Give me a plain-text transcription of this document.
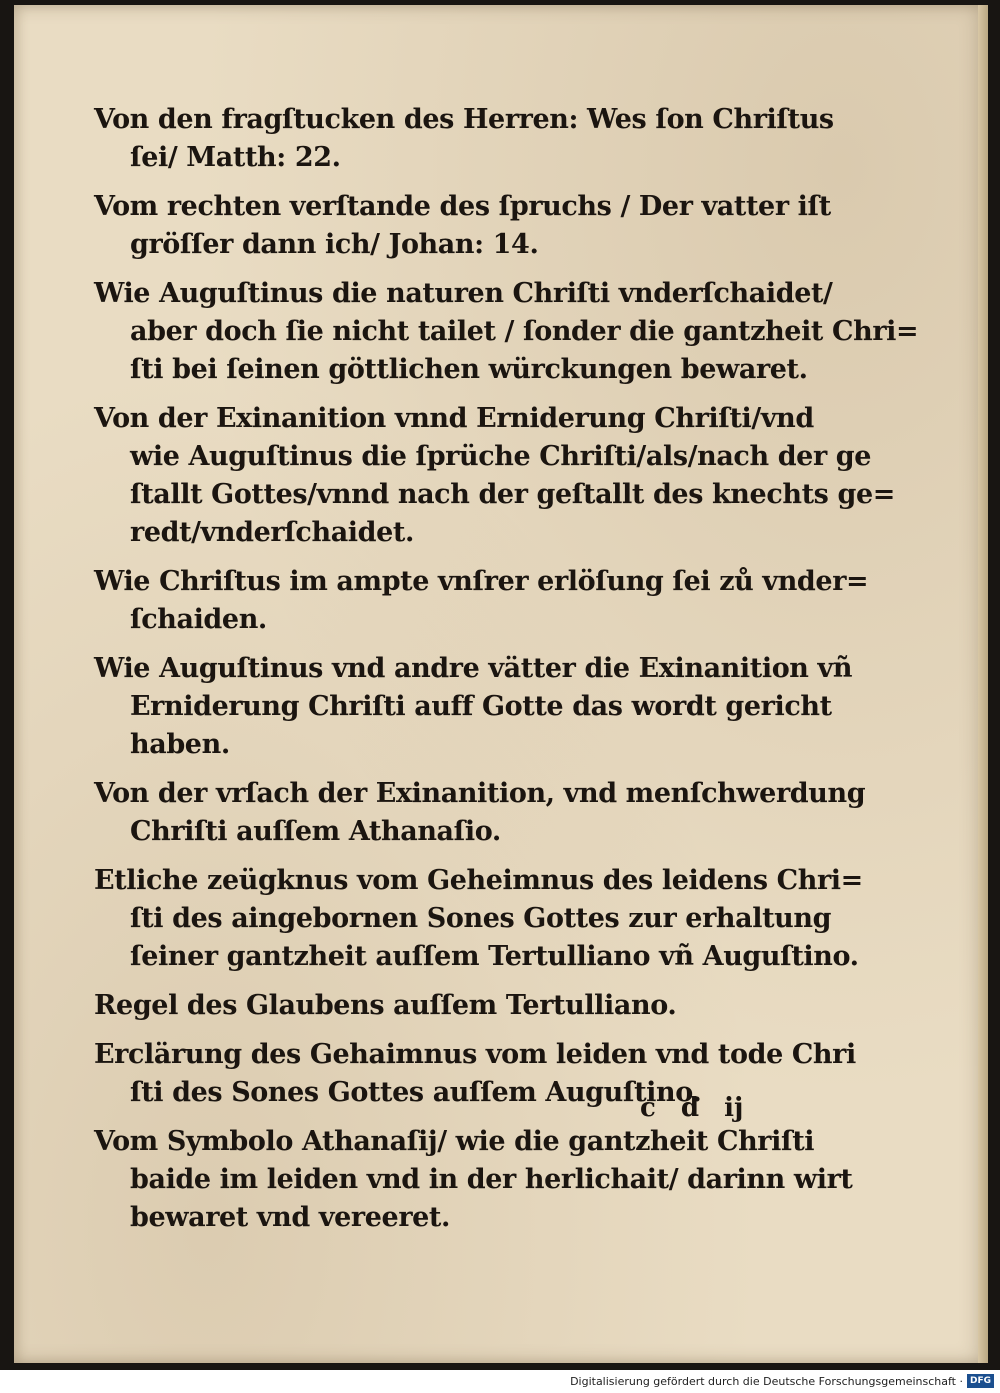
Von den fragſtucken des Herren: Wes ſon Chriſtus
ſei/ Matth: 22.
Vom rechten verſtande des ſpruchs / Der vatter iſt
gröſſer dann ich/ Johan: 14.
Wie Auguſtinus die naturen Chriſti vnderſchaidet/
aber doch ſie nicht tailet / ſonder die gantzheit Chri=
ſti bei ſeinen göttlichen würckungen bewaret.
Von der Exinanition vnnd Erniderung Chriſti/vnd
wie Auguſtinus die ſprüche Chriſti/als/nach der ge
ſtallt Gottes/vnnd nach der geſtallt des knechts ge=
redt/vnderſchaidet.
Wie Chriſtus im ampte vnſrer erlöſung ſei zů vnder=
ſchaiden.
Wie Auguſtinus vnd andre vätter die Exinanition vñ
Erniderung Chriſti auff Gotte das wordt gericht
haben.
Von der vrſach der Exinanition, vnd menſchwerdung
Chriſti auſſem Athanaſio.
Etliche zeügknus vom Geheimnus des leidens Chri=
ſti des aingebornen Sones Gottes zur erhaltung
ſeiner gantzheit auſſem Tertulliano vñ Auguſtino.
Regel des Glaubens auſſem Tertulliano.
Erclärung des Gehaimnus vom leiden vnd tode Chri
ſti des Sones Gottes auſſem Auguſtino.
Vom Symbolo Athanaſij/ wie die gantzheit Chriſti
baide im leiden vnd in der herlichait/ darinn wirt
bewaret vnd vereeret.
c d ij
Digitalisierung gefördert durch die Deutsche Forschungsgemeinschaft · DFG
